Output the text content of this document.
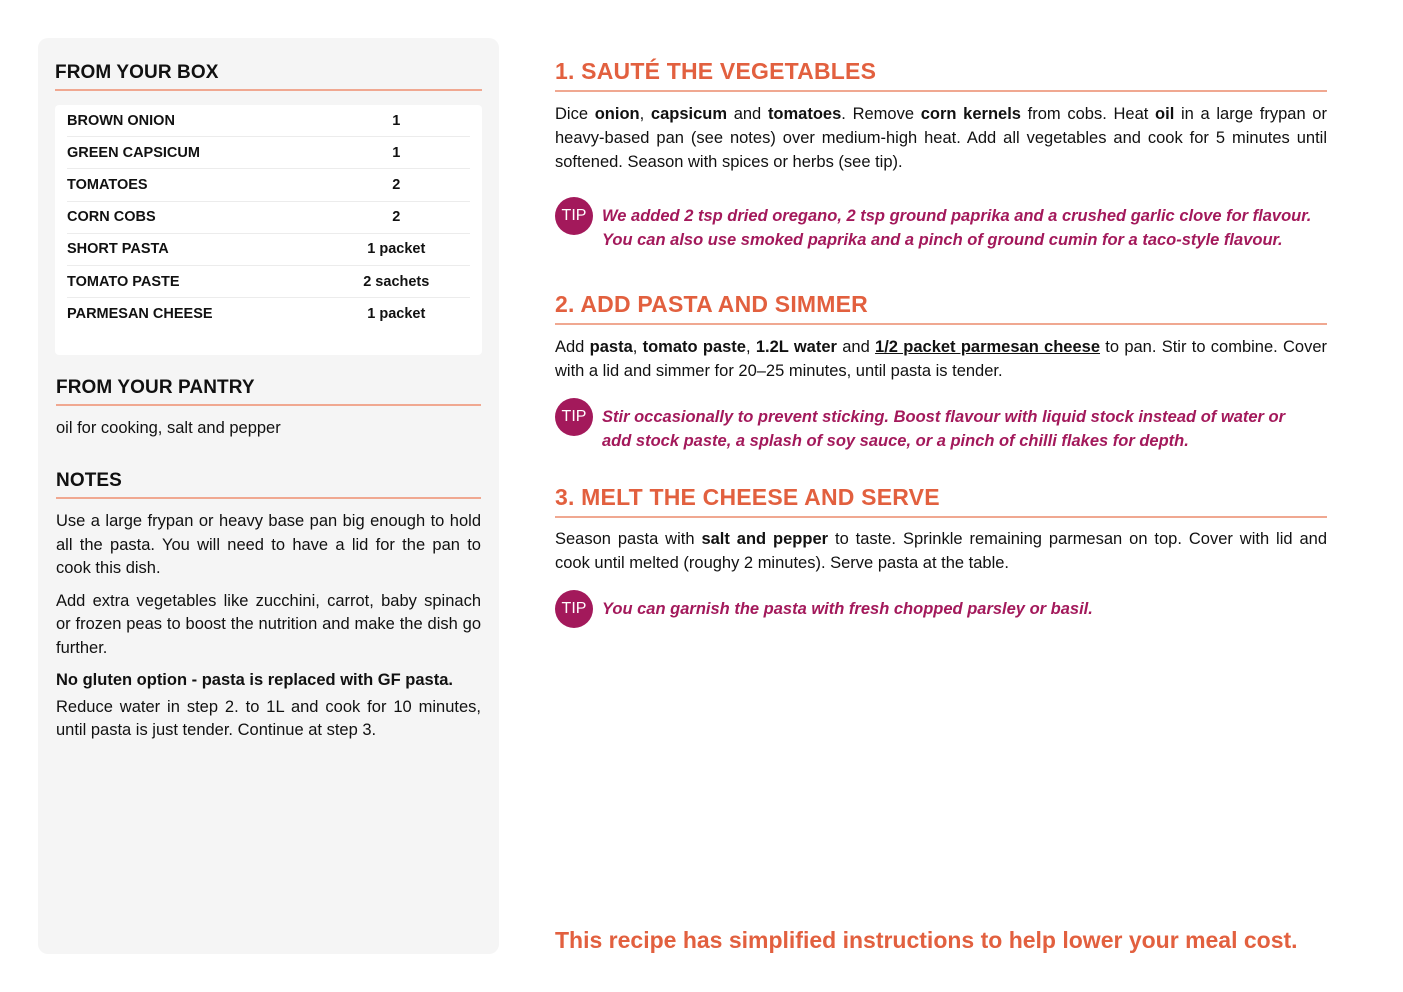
FROM YOUR BOX
BROWN ONION	1
GREEN CAPSICUM	1
TOMATOES	2
CORN COBS	2
SHORT PASTA	1 packet
TOMATO PASTE	2 sachets
PARMESAN CHEESE	1 packet
FROM YOUR PANTRY

oil for cooking, salt and pepper

NOTES

Use a large frypan or heavy base pan big enough to hold all the pasta. You will need to have a lid for the pan to cook this dish.

Add extra vegetables like zucchini, carrot, baby spinach or frozen peas to boost the nutrition and make the dish go further.

No gluten option - pasta is replaced with GF pasta.

Reduce water in step 2. to 1L and cook for 10 minutes, until pasta is just tender. Continue at step 3.

1. SAUTÉ THE VEGETABLES

Dice onion, capsicum and tomatoes. Remove corn kernels from cobs. Heat oil in a large frypan or heavy-based pan (see notes) over medium-high heat. Add all vegetables and cook for 5 minutes until softened. Season with spices or herbs (see tip).

TIP We added 2 tsp dried oregano, 2 tsp ground paprika and a crushed garlic clove for flavour.
You can also use smoked paprika and a pinch of ground cumin for a taco-style flavour.

2. ADD PASTA AND SIMMER

Add pasta, tomato paste, 1.2L water and 1/2 packet parmesan cheese to pan. Stir to combine. Cover with a lid and simmer for 20–25 minutes, until pasta is tender.

TIP Stir occasionally to prevent sticking. Boost flavour with liquid stock instead of water or
add stock paste, a splash of soy sauce, or a pinch of chilli flakes for depth.

3. MELT THE CHEESE AND SERVE

Season pasta with salt and pepper to taste. Sprinkle remaining parmesan on top. Cover with lid and cook until melted (roughy 2 minutes). Serve pasta at the table.

TIP You can garnish the pasta with fresh chopped parsley or basil.

This recipe has simplified instructions to help lower your meal cost.
